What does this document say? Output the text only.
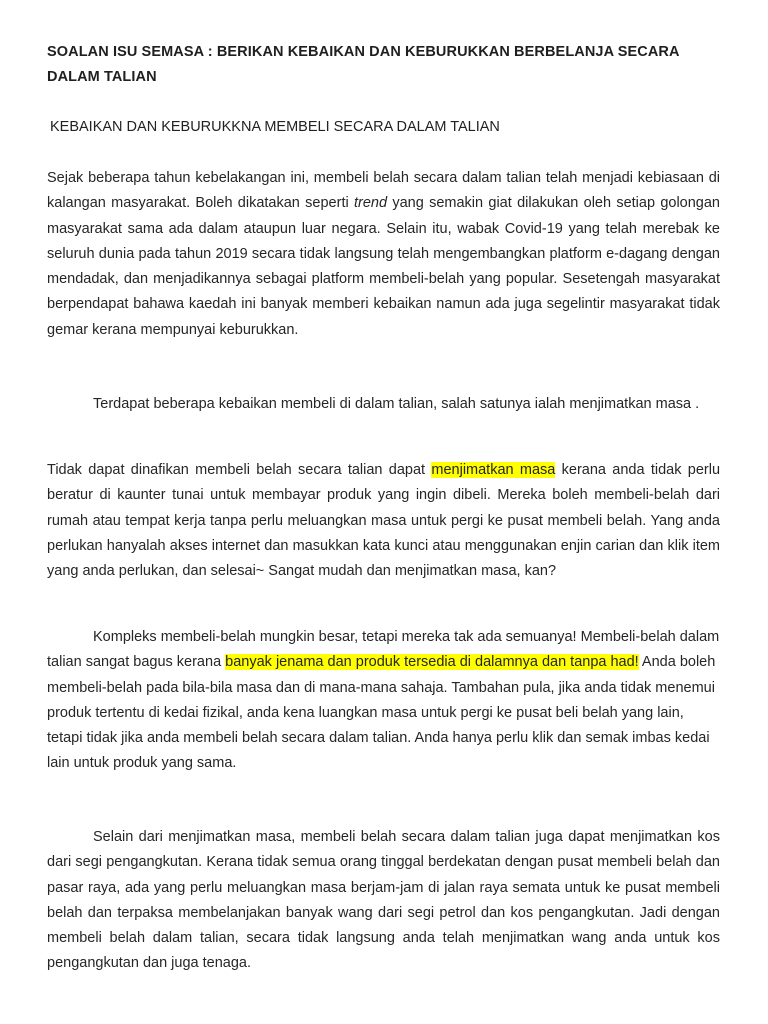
SOALAN ISU SEMASA : BERIKAN KEBAIKAN DAN KEBURUKKAN BERBELANJA SECARA DALAM TALIAN
KEBAIKAN DAN KEBURUKKNA MEMBELI SECARA DALAM TALIAN
Sejak beberapa tahun kebelakangan ini, membeli belah secara dalam talian telah menjadi kebiasaan di kalangan masyarakat. Boleh dikatakan seperti trend yang semakin giat dilakukan oleh setiap golongan masyarakat sama ada dalam ataupun luar negara. Selain itu, wabak Covid-19 yang telah merebak ke seluruh dunia pada tahun 2019 secara tidak langsung telah mengembangkan platform e-dagang dengan mendadak, dan menjadikannya sebagai platform membeli-belah yang popular. Sesetengah masyarakat berpendapat bahawa kaedah ini banyak memberi kebaikan namun ada juga segelintir masyarakat tidak gemar kerana mempunyai keburukkan.
Terdapat beberapa kebaikan membeli di dalam talian, salah satunya ialah menjimatkan masa .
Tidak dapat dinafikan membeli belah secara talian dapat menjimatkan masa kerana anda tidak perlu beratur di kaunter tunai untuk membayar produk yang ingin dibeli. Mereka boleh membeli-belah dari rumah atau tempat kerja tanpa perlu meluangkan masa untuk pergi ke pusat membeli belah. Yang anda perlukan hanyalah akses internet dan masukkan kata kunci atau menggunakan enjin carian dan klik item yang anda perlukan, dan selesai~ Sangat mudah dan menjimatkan masa, kan?
Kompleks membeli-belah mungkin besar, tetapi mereka tak ada semuanya! Membeli-belah dalam talian sangat bagus kerana banyak jenama dan produk tersedia di dalamnya dan tanpa had! Anda boleh membeli-belah pada bila-bila masa dan di mana-mana sahaja. Tambahan pula, jika anda tidak menemui produk tertentu di kedai fizikal, anda kena luangkan masa untuk pergi ke pusat beli belah yang lain, tetapi tidak jika anda membeli belah secara dalam talian. Anda hanya perlu klik dan semak imbas kedai lain untuk produk yang sama.
Selain dari menjimatkan masa, membeli belah secara dalam talian juga dapat menjimatkan kos dari segi pengangkutan. Kerana tidak semua orang tinggal berdekatan dengan pusat membeli belah dan pasar raya, ada yang perlu meluangkan masa berjam-jam di jalan raya semata untuk ke pusat membeli belah dan terpaksa membelanjakan banyak wang dari segi petrol dan kos pengangkutan. Jadi dengan membeli belah dalam talian, secara tidak langsung anda telah menjimatkan wang anda untuk kos pengangkutan dan juga tenaga.
